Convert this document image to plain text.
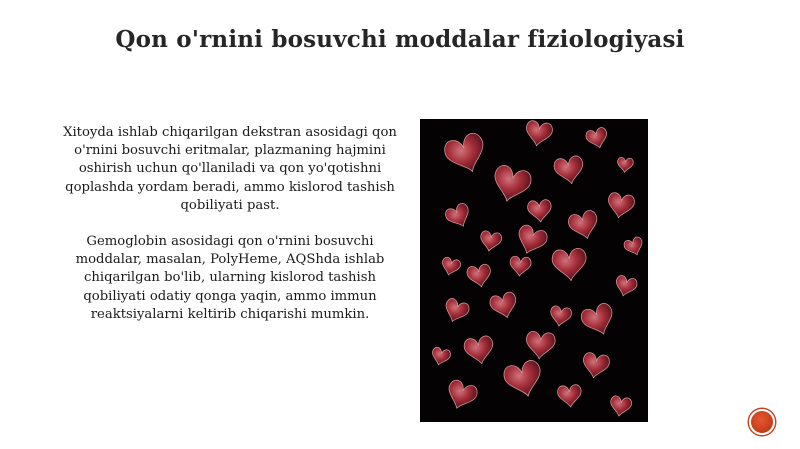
Qon o'rnini bosuvchi moddalar fiziologiyasi

Xitoyda ishlab chiqarilgan dekstran asosidagi qon o'rnini bosuvchi eritmalar, plazmaning hajmini oshirish uchun qo'llaniladi va qon yo'qotishni qoplashda yordam beradi, ammo kislorod tashish qobiliyati past.

Gemoglobin asosidagi qon o'rnini bosuvchi moddalar, masalan, PolyHeme, AQShda ishlab chiqarilgan bo'lib, ularning kislorod tashish qobiliyati odatiy qonga yaqin, ammo immun reaktsiyalarni keltirib chiqarishi mumkin.
